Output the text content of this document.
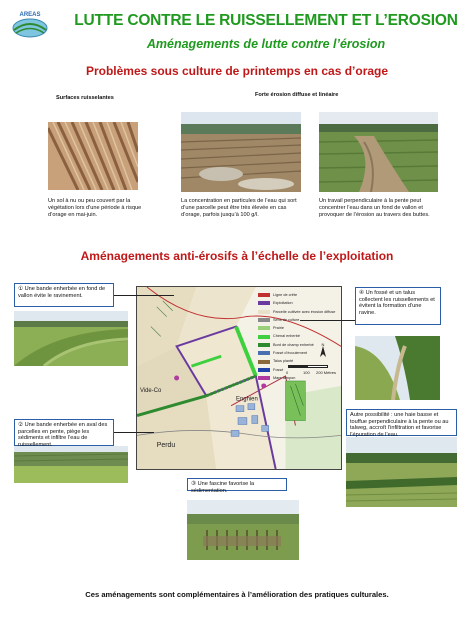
AREAS	LUTTE CONTRE LE RUISSELLEMENT ET L’EROSION
Aménagements de lutte contre l’érosion
Problèmes sous culture de printemps en cas d’orage
Surfaces ruisselantes	Forte érosion diffuse et linéaire
Un sol à nu ou peu couvert par la végétation lors d’une période à risque d’orage en mai-juin.
La concentration en particules de l’eau qui sort d’une parcelle peut être très élevée en cas d’orage, parfois jusqu’à 100 g/l.
Un travail perpendiculaire à la pente peut concentrer l’eau dans un fond de vallon et provoquer de l’érosion au travers des buttes.
Aménagements anti-érosifs à l’échelle de l’exploitation
Vide-Co
Enghien
Perdu
Ligne de crête
Exploitation
Parcelle cultivée avec érosion diffuse
Sens de culture
Prairie
Chenal enherbé
Bord de champ enherbé
Fossé d’écoulement
Talus planté
Fossé
Mare tampon
N
0	100 200 Mètres
① Une bande enherbée en fond de vallon évite le ravinement.
② Une bande enherbée en aval des parcelles en pente, piège les sédiments et infiltre l’eau de ruissellement.
③ Une fascine favorise la sédimentation.
④ Un fossé et un talus collectent les ruissellements et évitent la formation d’une ravine.
Autre possibilité : une haie basse et touffue perpendiculaire à la pente ou au talweg, accroît l’infiltration et favorise l’épuration de l’eau.
Ces aménagements sont complémentaires à l’amélioration des pratiques culturales.
